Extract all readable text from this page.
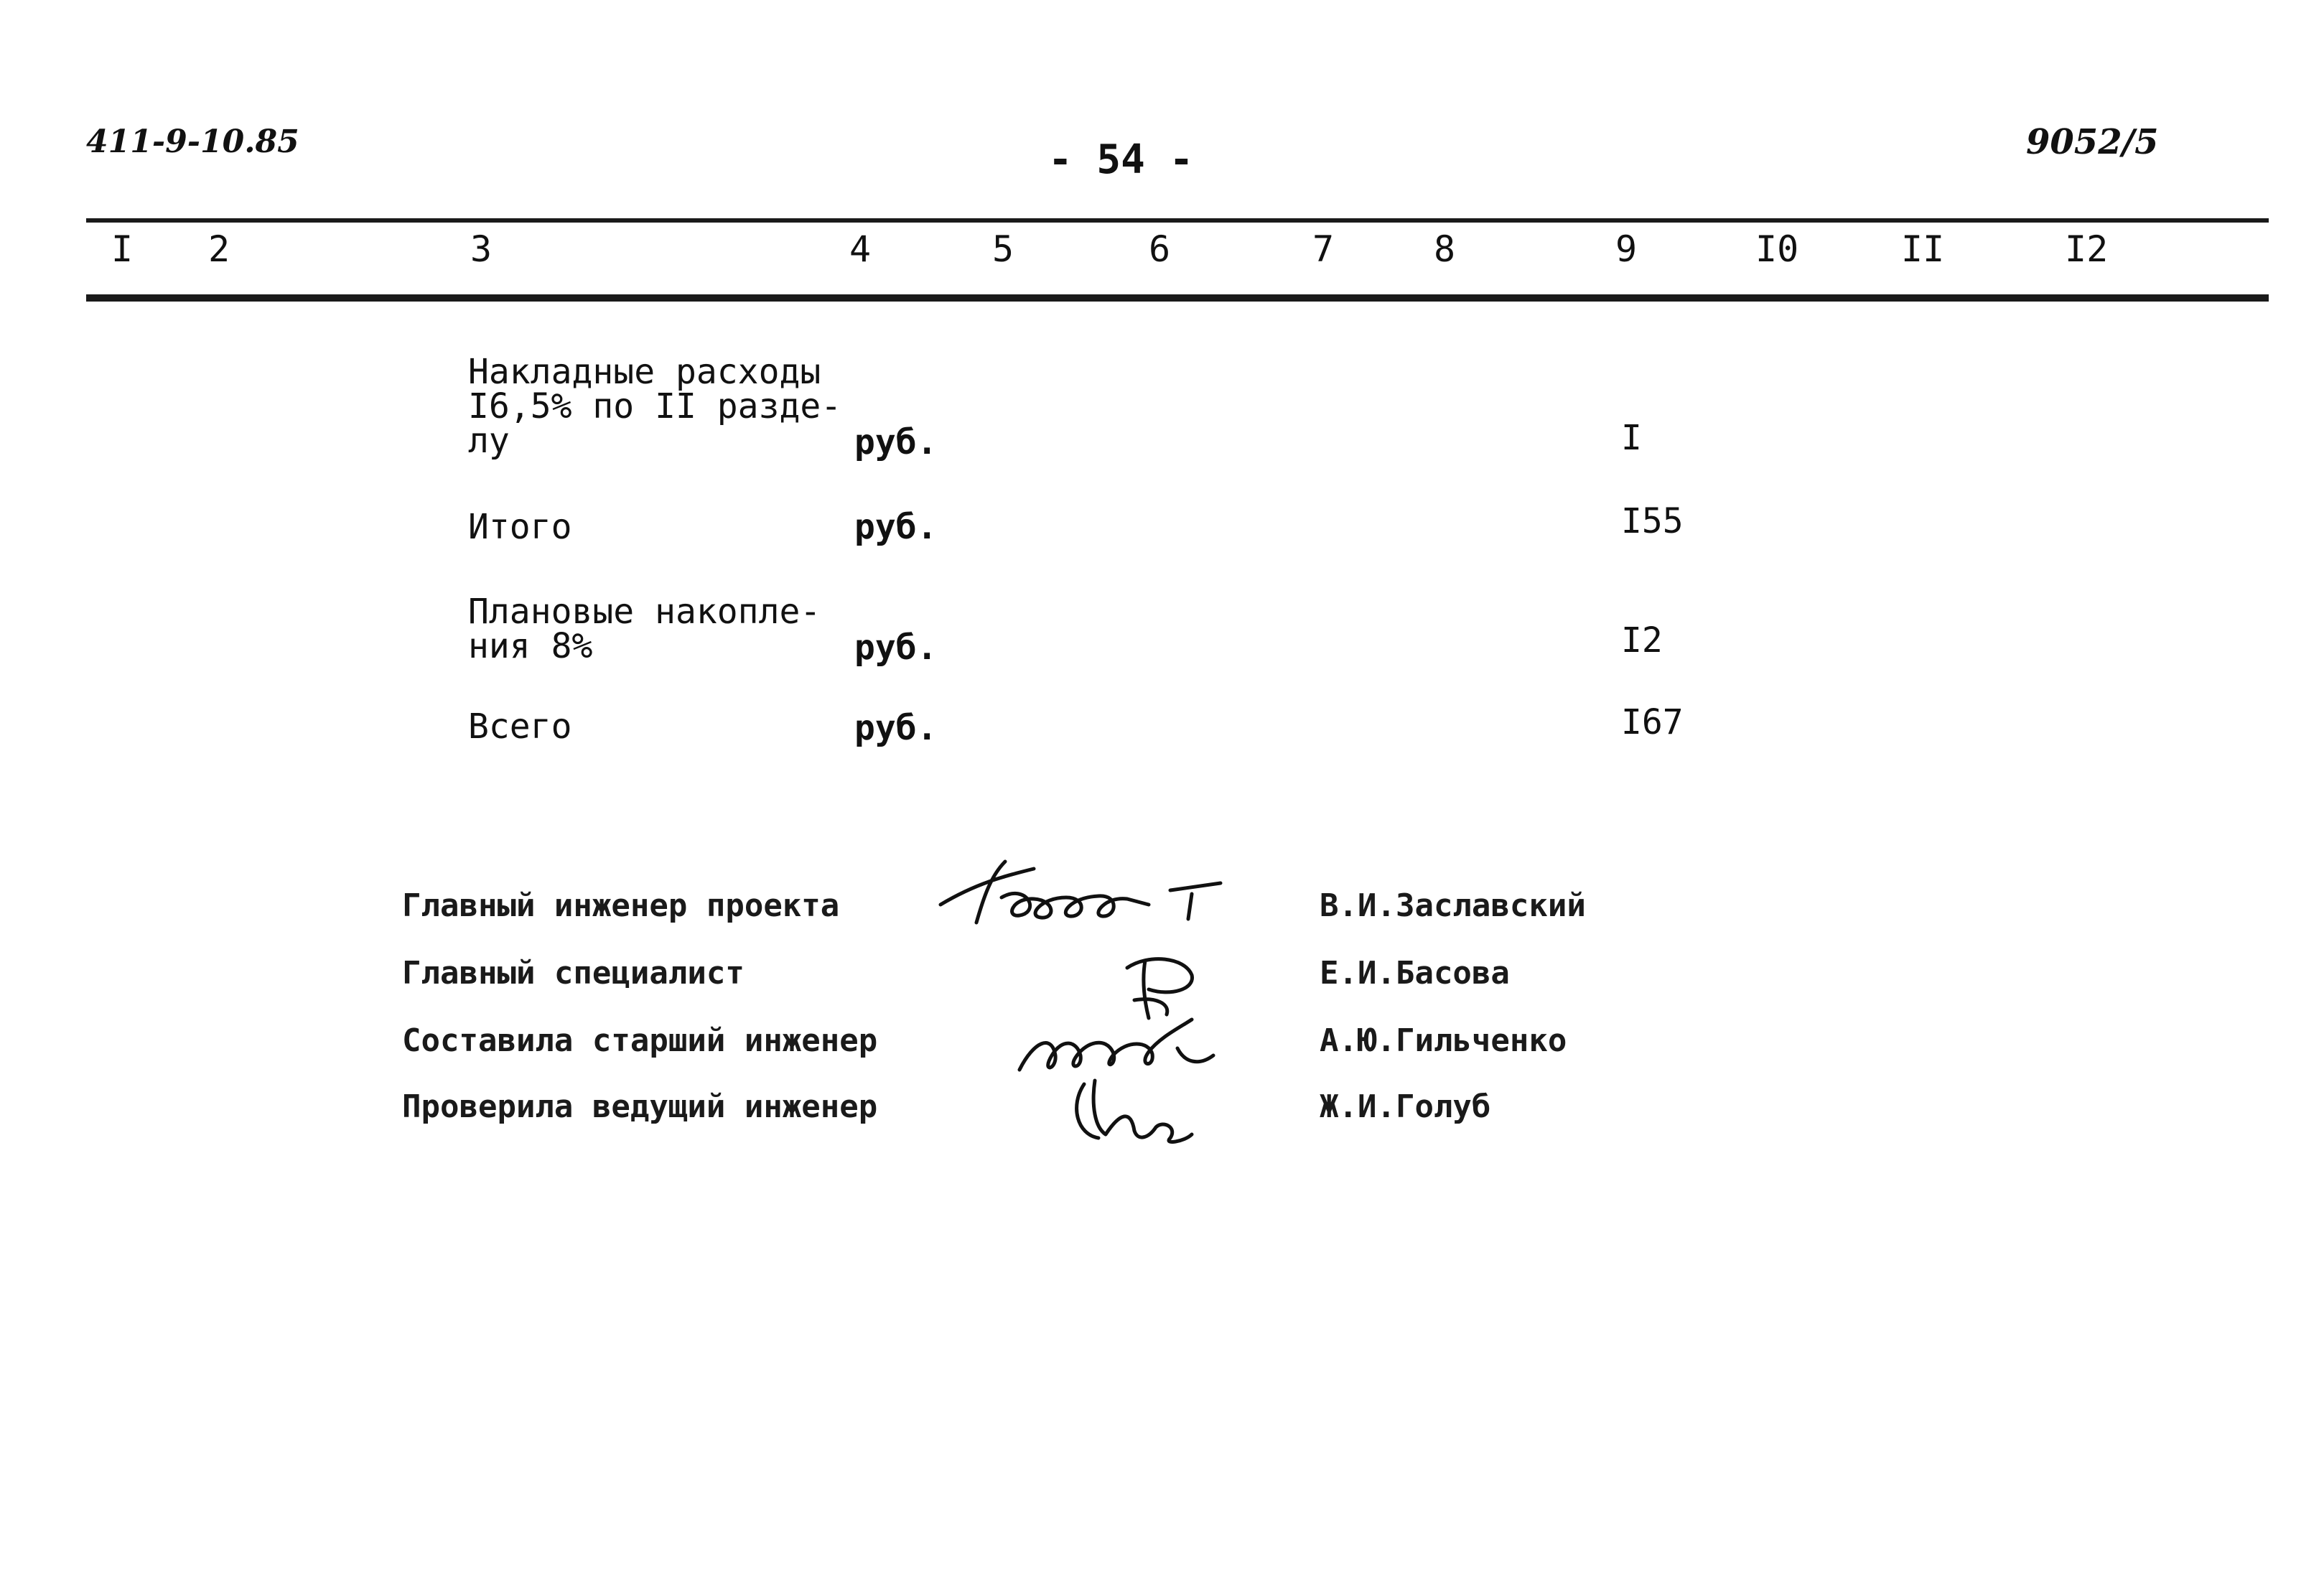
411-9-10.85	- 54 -	9052/5
I 2	3	4	5	6	7	8	9	I0	II	I2
Накладные расходы
I6,5% по II разде-
лу	руб.	I
Итого	руб.	I55
Плановые накопле-
ния 8%	руб.	I2
Всего	руб.	I67
Главный инженер проекта	В.И.Заславский
Главный специалист	Е.И.Басова
Составила старший инженер	А.Ю.Гильченко
Проверила ведущий инженер	Ж.И.Голуб
